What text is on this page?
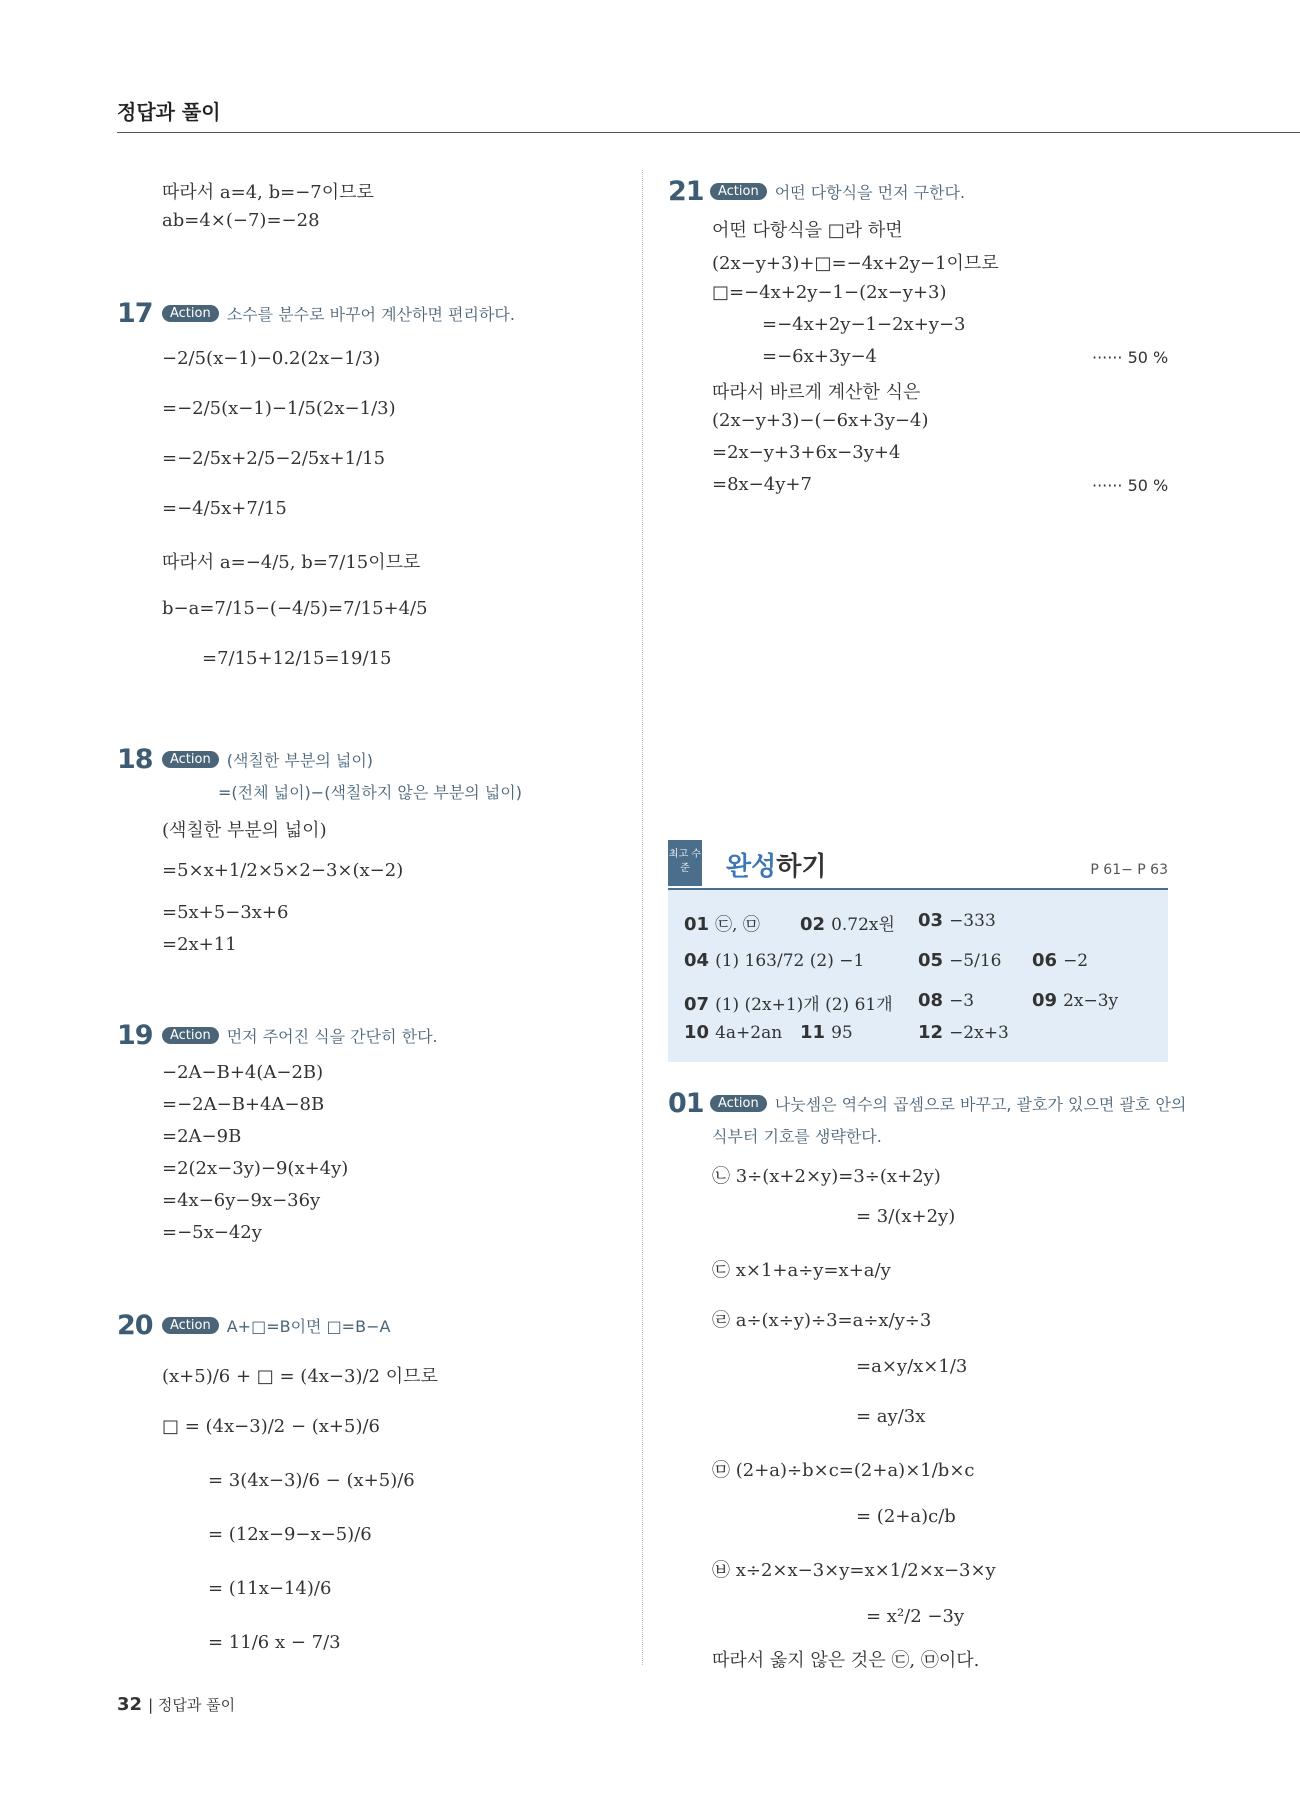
정답과 풀이
따라서 a=4, b=−7이므로
ab=4×(−7)=−28
17	Action 소수를 분수로 바꾸어 계산하면 편리하다.
−2/5(x−1)−0.2(2x−1/3)
=−2/5(x−1)−1/5(2x−1/3)
=−2/5x+2/5−2/5x+1/15
=−4/5x+7/15
따라서 a=−4/5, b=7/15이므로
b−a=7/15−(−4/5)=7/15+4/5
=7/15+12/15=19/15
18	Action (색칠한 부분의 넓이)
=(전체 넓이)−(색칠하지 않은 부분의 넓이)
(색칠한 부분의 넓이)
=5×x+1/2×5×2−3×(x−2)
=5x+5−3x+6
=2x+11
19	Action 먼저 주어진 식을 간단히 한다.
−2A−B+4(A−2B)
=−2A−B+4A−8B
=2A−9B
=2(2x−3y)−9(x+4y)
=4x−6y−9x−36y
=−5x−42y
20	Action A+□=B이면 □=B−A
(x+5)/6 + □ = (4x−3)/2 이므로
□ = (4x−3)/2 − (x+5)/6
= 3(4x−3)/6 − (x+5)/6
= (12x−9−x−5)/6
= (11x−14)/6
= 11/6 x − 7/3
21	Action 어떤 다항식을 먼저 구한다.
어떤 다항식을 □라 하면
(2x−y+3)+□=−4x+2y−1이므로
□=−4x+2y−1−(2x−y+3)
=−4x+2y−1−2x+y−3
=−6x+3y−4	······ 50 %
따라서 바르게 계산한 식은
(2x−y+3)−(−6x+3y−4)
=2x−y+3+6x−3y+4
=8x−4y+7	······ 50 %
최고 수준	완성하기	P 61− P 63
01 ㉢, ㉤ 02 0.72x원 03 −333
04 (1) 163/72 (2) −1	05 −5/16 06 −2
07 (1) (2x+1)개 (2) 61개 08 −3	09 2x−3y
10 4a+2an 11 95	12 −2x+3
01	Action 나눗셈은 역수의 곱셈으로 바꾸고, 괄호가 있으면 괄호 안의
식부터 기호를 생략한다.
㉡ 3÷(x+2×y)=3÷(x+2y)
= 3/(x+2y)
㉢ x×1+a÷y=x+a/y
㉣ a÷(x÷y)÷3=a÷x/y÷3
=a×y/x×1/3
= ay/3x
㉤ (2+a)÷b×c=(2+a)×1/b×c
= (2+a)c/b
㉥ x÷2×x−3×y=x×1/2×x−3×y
= x²/2 −3y
따라서 옳지 않은 것은 ㉢, ㉤이다.
32 | 정답과 풀이
